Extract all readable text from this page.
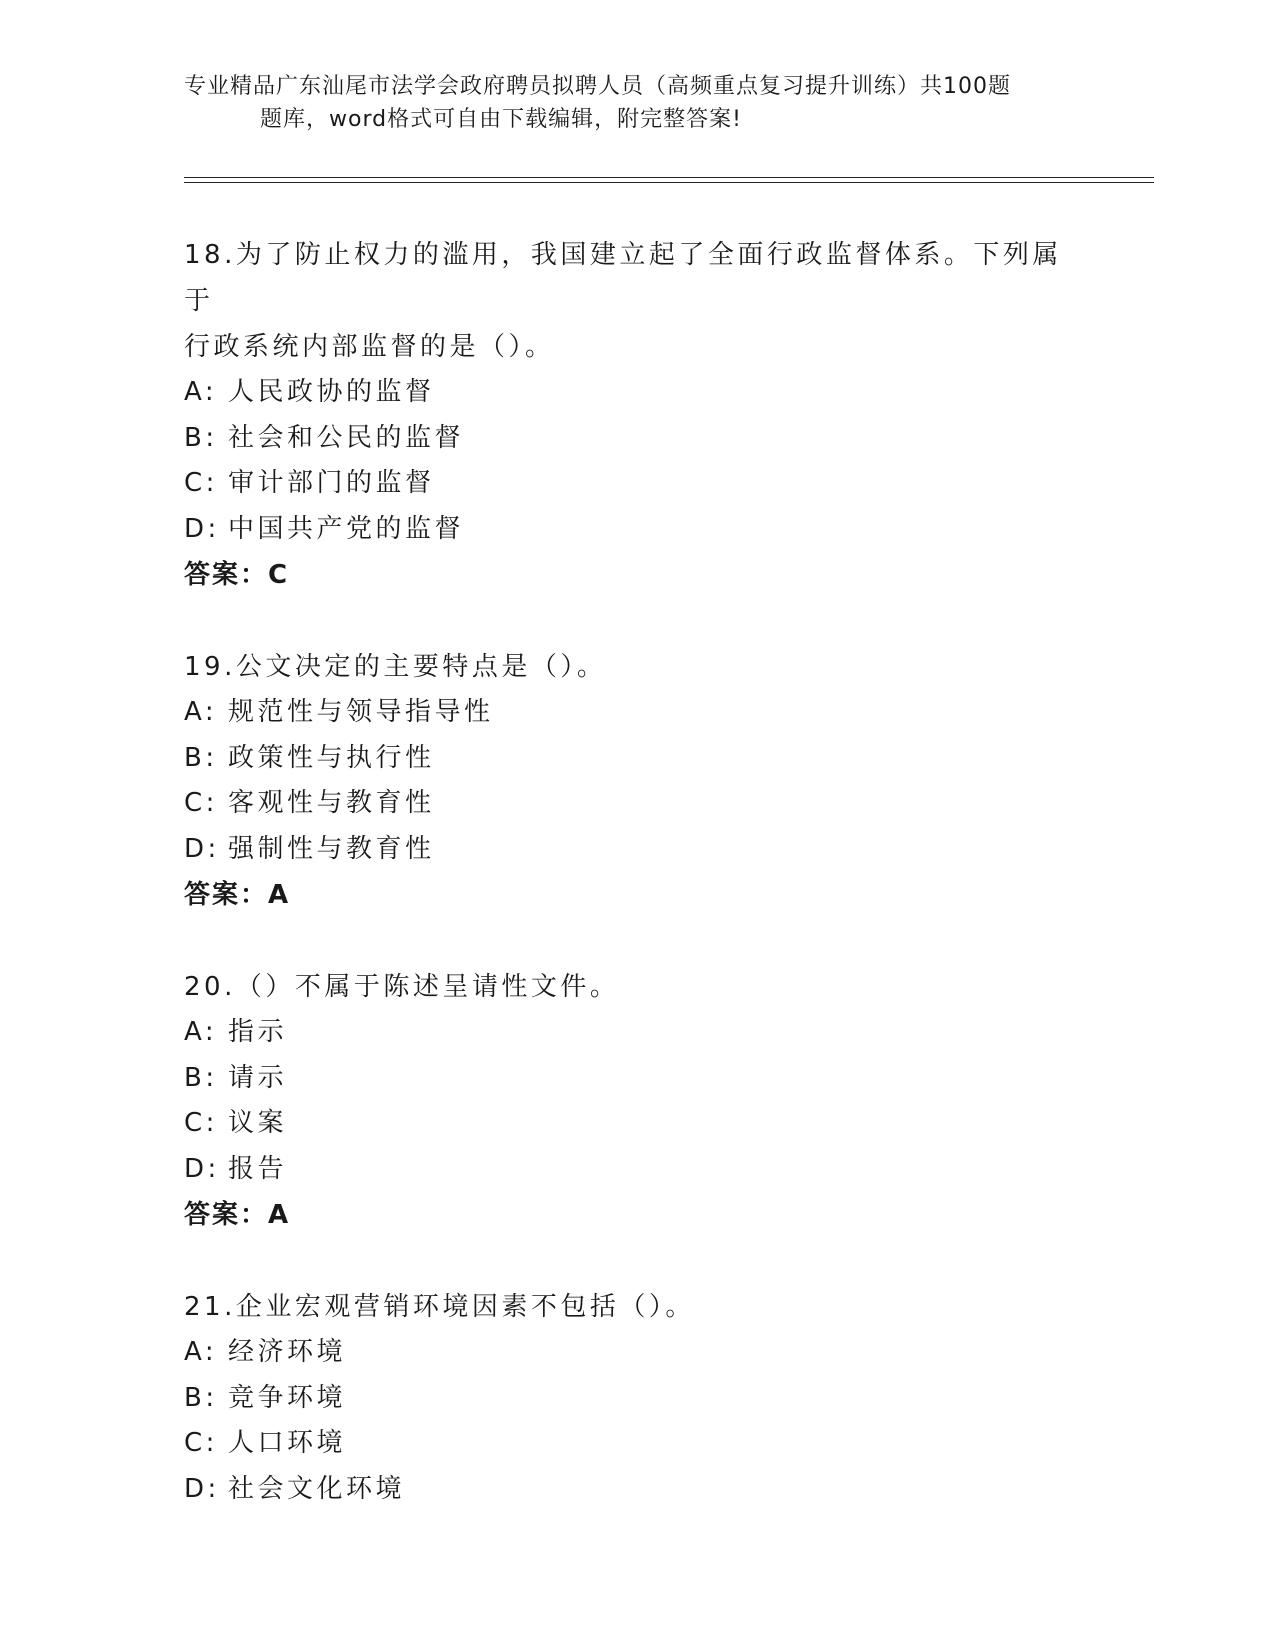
专业精品广东汕尾市法学会政府聘员拟聘人员（高频重点复习提升训练）共100题
题库，word格式可自由下载编辑，附完整答案!
18.为了防止权力的滥用，我国建立起了全面行政监督体系。下列属于
行政系统内部监督的是（）。
A: 人民政协的监督
B: 社会和公民的监督
C: 审计部门的监督
D: 中国共产党的监督
答案：C
19.公文决定的主要特点是（）。
A: 规范性与领导指导性
B: 政策性与执行性
C: 客观性与教育性
D: 强制性与教育性
答案：A
20.（）不属于陈述呈请性文件。
A: 指示
B: 请示
C: 议案
D: 报告
答案：A
21.企业宏观营销环境因素不包括（）。
A: 经济环境
B: 竞争环境
C: 人口环境
D: 社会文化环境
